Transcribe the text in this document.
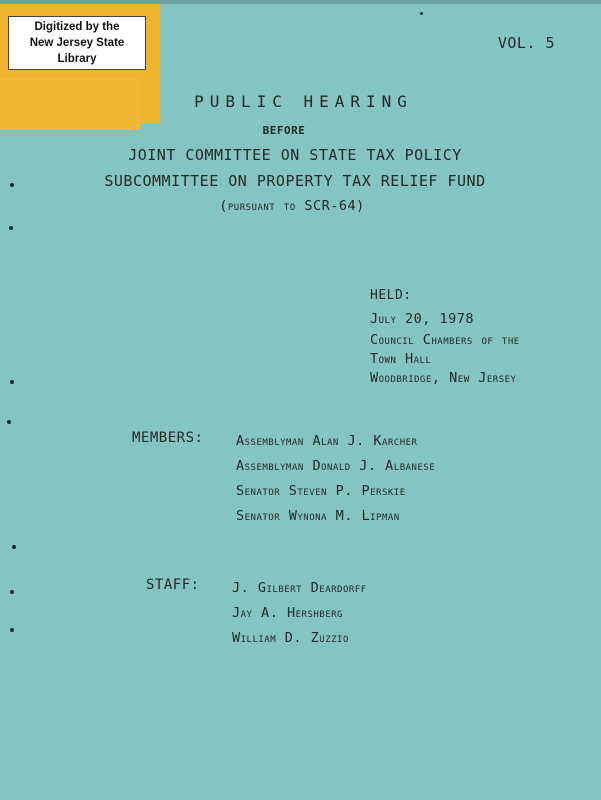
Digitized by the
New Jersey State Library
VOL. 5
PUBLIC HEARING
BEFORE
JOINT COMMITTEE ON STATE TAX POLICY
SUBCOMMITTEE ON PROPERTY TAX RELIEF FUND
(pursuant to SCR-64)
HELD:
July 20, 1978
Council Chambers of the
Town Hall
Woodbridge, New Jersey
MEMBERS: Assemblyman Alan J. Karcher
Assemblyman Donald J. Albanese
Senator Steven P. Perskie
Senator Wynona M. Lipman
STAFF: J. Gilbert Deardorff
Jay A. Hershberg
William D. Zuzzio
